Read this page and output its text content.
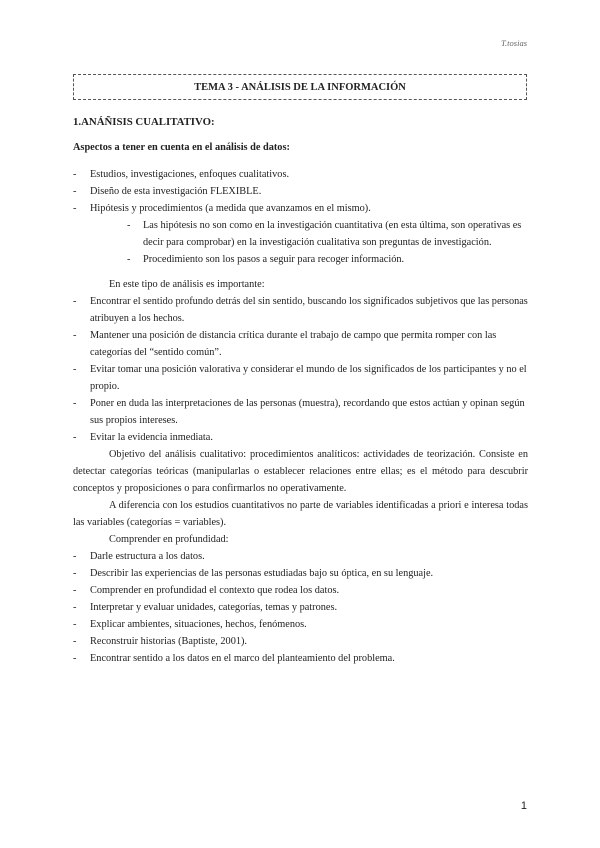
T.tosias
TEMA 3 - ANÁLISIS DE LA INFORMACIÓN
1.ANÁÑISIS CUALITATIVO:
Aspectos a tener en cuenta en el análisis de datos:
- Estudios, investigaciones, enfoques cualitativos.
- Diseño de esta investigación FLEXIBLE.
- Hipótesis y procedimientos (a medida que avanzamos en el mismo).
- Las hipótesis no son como en la investigación cuantitativa (en esta última, son operativas es decir para comprobar) en la investigación cualitativa son preguntas de investigación.
- Procedimiento son los pasos a seguir para recoger información.

En este tipo de análisis es importante:

- Encontrar el sentido profundo detrás del sin sentido, buscando los significados subjetivos que las personas atribuyen a los hechos.
- Mantener una posición de distancia crítica durante el trabajo de campo que permita romper con las categorías del “sentido común”.
- Evitar tomar una posición valorativa y considerar el mundo de los significados de los participantes y no el propio.
- Poner en duda las interpretaciones de las personas (muestra), recordando que estos actúan y opinan según sus propios intereses.
- Evitar la evidencia inmediata.

Objetivo del análisis cualitativo: procedimientos analíticos: actividades de teorización. Consiste en detectar categorías teóricas (manipularlas o establecer relaciones entre ellas; es el método para descubrir conceptos y proposiciones o para confirmarlos no operativamente.

A diferencia con los estudios cuantitativos no parte de variables identificadas a priori e interesa todas las variables (categorías = variables).

Comprender en profundidad:

- Darle estructura a los datos.
- Describir las experiencias de las personas estudiadas bajo su óptica, en su lenguaje.
- Comprender en profundidad el contexto que rodea los datos.
- Interpretar y evaluar unidades, categorías, temas y patrones.
- Explicar ambientes, situaciones, hechos, fenómenos.
- Reconstruir historias (Baptiste, 2001).
- Encontrar sentido a los datos en el marco del planteamiento del problema.
1
